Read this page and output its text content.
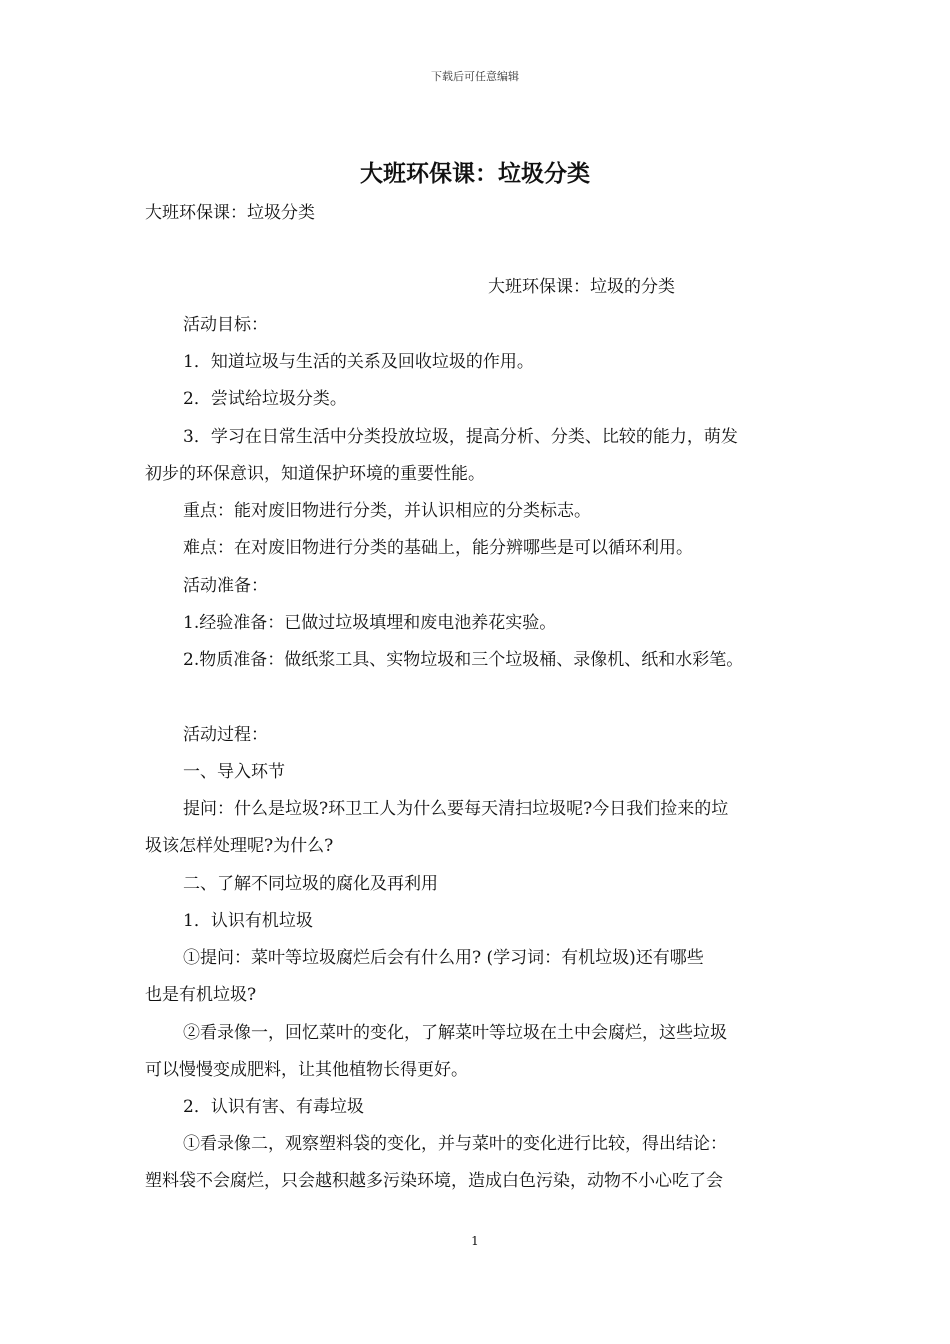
下载后可任意编辑
大班环保课：垃圾分类
大班环保课：垃圾分类
大班环保课：垃圾的分类
活动目标：
1．知道垃圾与生活的关系及回收垃圾的作用。
2．尝试给垃圾分类。
3．学习在日常生活中分类投放垃圾，提高分析、分类、比较的能力，萌发
初步的环保意识，知道保护环境的重要性能。
重点：能对废旧物进行分类，并认识相应的分类标志。
难点：在对废旧物进行分类的基础上，能分辨哪些是可以循环利用。
活动准备：
1.经验准备：已做过垃圾填埋和废电池养花实验。
2.物质准备：做纸浆工具、实物垃圾和三个垃圾桶、录像机、纸和水彩笔。
活动过程：
一、导入环节
提问：什么是垃圾?环卫工人为什么要每天清扫垃圾呢?今日我们捡来的垃
圾该怎样处理呢?为什么?
二、了解不同垃圾的腐化及再利用
1．认识有机垃圾
①提问：菜叶等垃圾腐烂后会有什么用? (学习词：有机垃圾)还有哪些
也是有机垃圾?
②看录像一，回忆菜叶的变化，了解菜叶等垃圾在土中会腐烂，这些垃圾
可以慢慢变成肥料，让其他植物长得更好。
2．认识有害、有毒垃圾
①看录像二，观察塑料袋的变化，并与菜叶的变化进行比较，得出结论：
塑料袋不会腐烂，只会越积越多污染环境，造成白色污染，动物不小心吃了会
1
